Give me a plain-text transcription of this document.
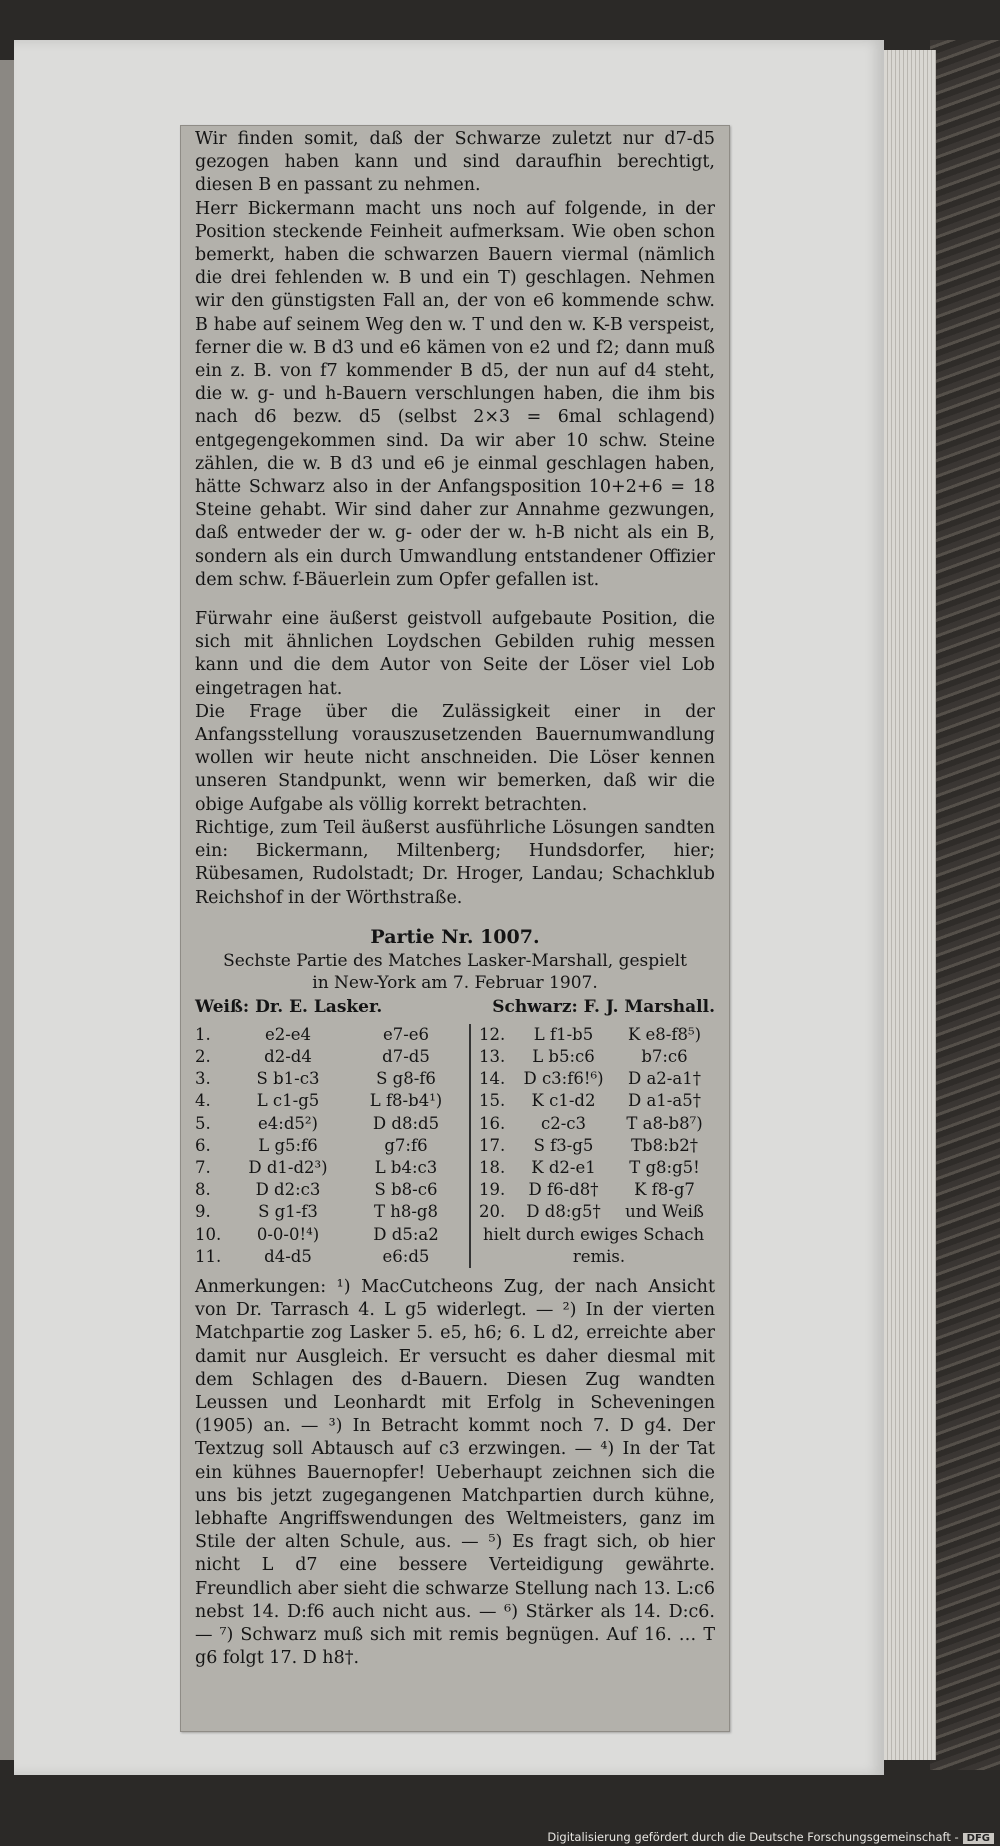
Wir finden somit, daß der Schwarze zuletzt nur d7-d5 gezogen haben kann und sind daraufhin berechtigt, diesen B en passant zu nehmen.

Herr Bickermann macht uns noch auf folgende, in der Position steckende Feinheit aufmerksam. Wie oben schon bemerkt, haben die schwarzen Bauern viermal (nämlich die drei fehlenden w. B und ein T) geschlagen. Nehmen wir den günstigsten Fall an, der von e6 kommende schw. B habe auf seinem Weg den w. T und den w. K-B verspeist, ferner die w. B d3 und e6 kämen von e2 und f2; dann muß ein z. B. von f7 kommender B d5, der nun auf d4 steht, die w. g- und h-Bauern verschlungen haben, die ihm bis nach d6 bezw. d5 (selbst 2×3 = 6mal schlagend) entgegengekommen sind. Da wir aber 10 schw. Steine zählen, die w. B d3 und e6 je einmal geschlagen haben, hätte Schwarz also in der Anfangsposition 10+2+6 = 18 Steine gehabt. Wir sind daher zur Annahme gezwungen, daß entweder der w. g- oder der w. h-B nicht als ein B, sondern als ein durch Umwandlung entstandener Offizier dem schw. f-Bäuerlein zum Opfer gefallen ist.

Fürwahr eine äußerst geistvoll aufgebaute Position, die sich mit ähnlichen Loydschen Gebilden ruhig messen kann und die dem Autor von Seite der Löser viel Lob eingetragen hat.

Die Frage über die Zulässigkeit einer in der Anfangsstellung vorauszusetzenden Bauernumwandlung wollen wir heute nicht anschneiden. Die Löser kennen unseren Standpunkt, wenn wir bemerken, daß wir die obige Aufgabe als völlig korrekt betrachten.

Richtige, zum Teil äußerst ausführliche Lösungen sandten ein: Bickermann, Miltenberg; Hundsdorfer, hier; Rübesamen, Rudolstadt; Dr. Hroger, Landau; Schachklub Reichshof in der Wörthstraße.

Partie Nr. 1007.
Sechste Partie des Matches Lasker-Marshall, gespielt
in New-York am 7. Februar 1907.
Weiß: Dr. E. Lasker.	Schwarz: F. J. Marshall.
1.	e2-e4	e7-e6
2.	d2-d4	d7-d5
3.	S b1-c3	S g8-f6
4.	L c1-g5	L f8-b4¹)
5.	e4:d5²)	D d8:d5
6.	L g5:f6	g7:f6
7.	D d1-d2³)	L b4:c3
8.	D d2:c3	S b8-c6
9.	S g1-f3	T h8-g8
10.	0-0-0!⁴)	D d5:a2
11.	d4-d5	e6:d5
12.	L f1-b5	K e8-f8⁵)
13.	L b5:c6	b7:c6
14.	D c3:f6!⁶)	D a2-a1†
15.	K c1-d2	D a1-a5†
16.	c2-c3	T a8-b8⁷)
17.	S f3-g5	Tb8:b2†
18.	K d2-e1	T g8:g5!
19.	D f6-d8†	K f8-g7
20.	D d8:g5†	und Weiß
hielt durch ewiges Schach
remis.

Anmerkungen: ¹) MacCutcheons Zug, der nach Ansicht von Dr. Tarrasch 4. L g5 widerlegt. — ²) In der vierten Matchpartie zog Lasker 5. e5, h6; 6. L d2, erreichte aber damit nur Ausgleich. Er versucht es daher diesmal mit dem Schlagen des d-Bauern. Diesen Zug wandten Leussen und Leonhardt mit Erfolg in Scheveningen (1905) an. — ³) In Betracht kommt noch 7. D g4. Der Textzug soll Abtausch auf c3 erzwingen. — ⁴) In der Tat ein kühnes Bauernopfer! Ueberhaupt zeichnen sich die uns bis jetzt zugegangenen Matchpartien durch kühne, lebhafte Angriffswendungen des Weltmeisters, ganz im Stile der alten Schule, aus. — ⁵) Es fragt sich, ob hier nicht L d7 eine bessere Verteidigung gewährte. Freundlich aber sieht die schwarze Stellung nach 13. L:c6 nebst 14. D:f6 auch nicht aus. — ⁶) Stärker als 14. D:c6. — ⁷) Schwarz muß sich mit remis begnügen. Auf 16. … T g6 folgt 17. D h8†.

Digitalisierung gefördert durch die Deutsche Forschungsgemeinschaft - DFG
